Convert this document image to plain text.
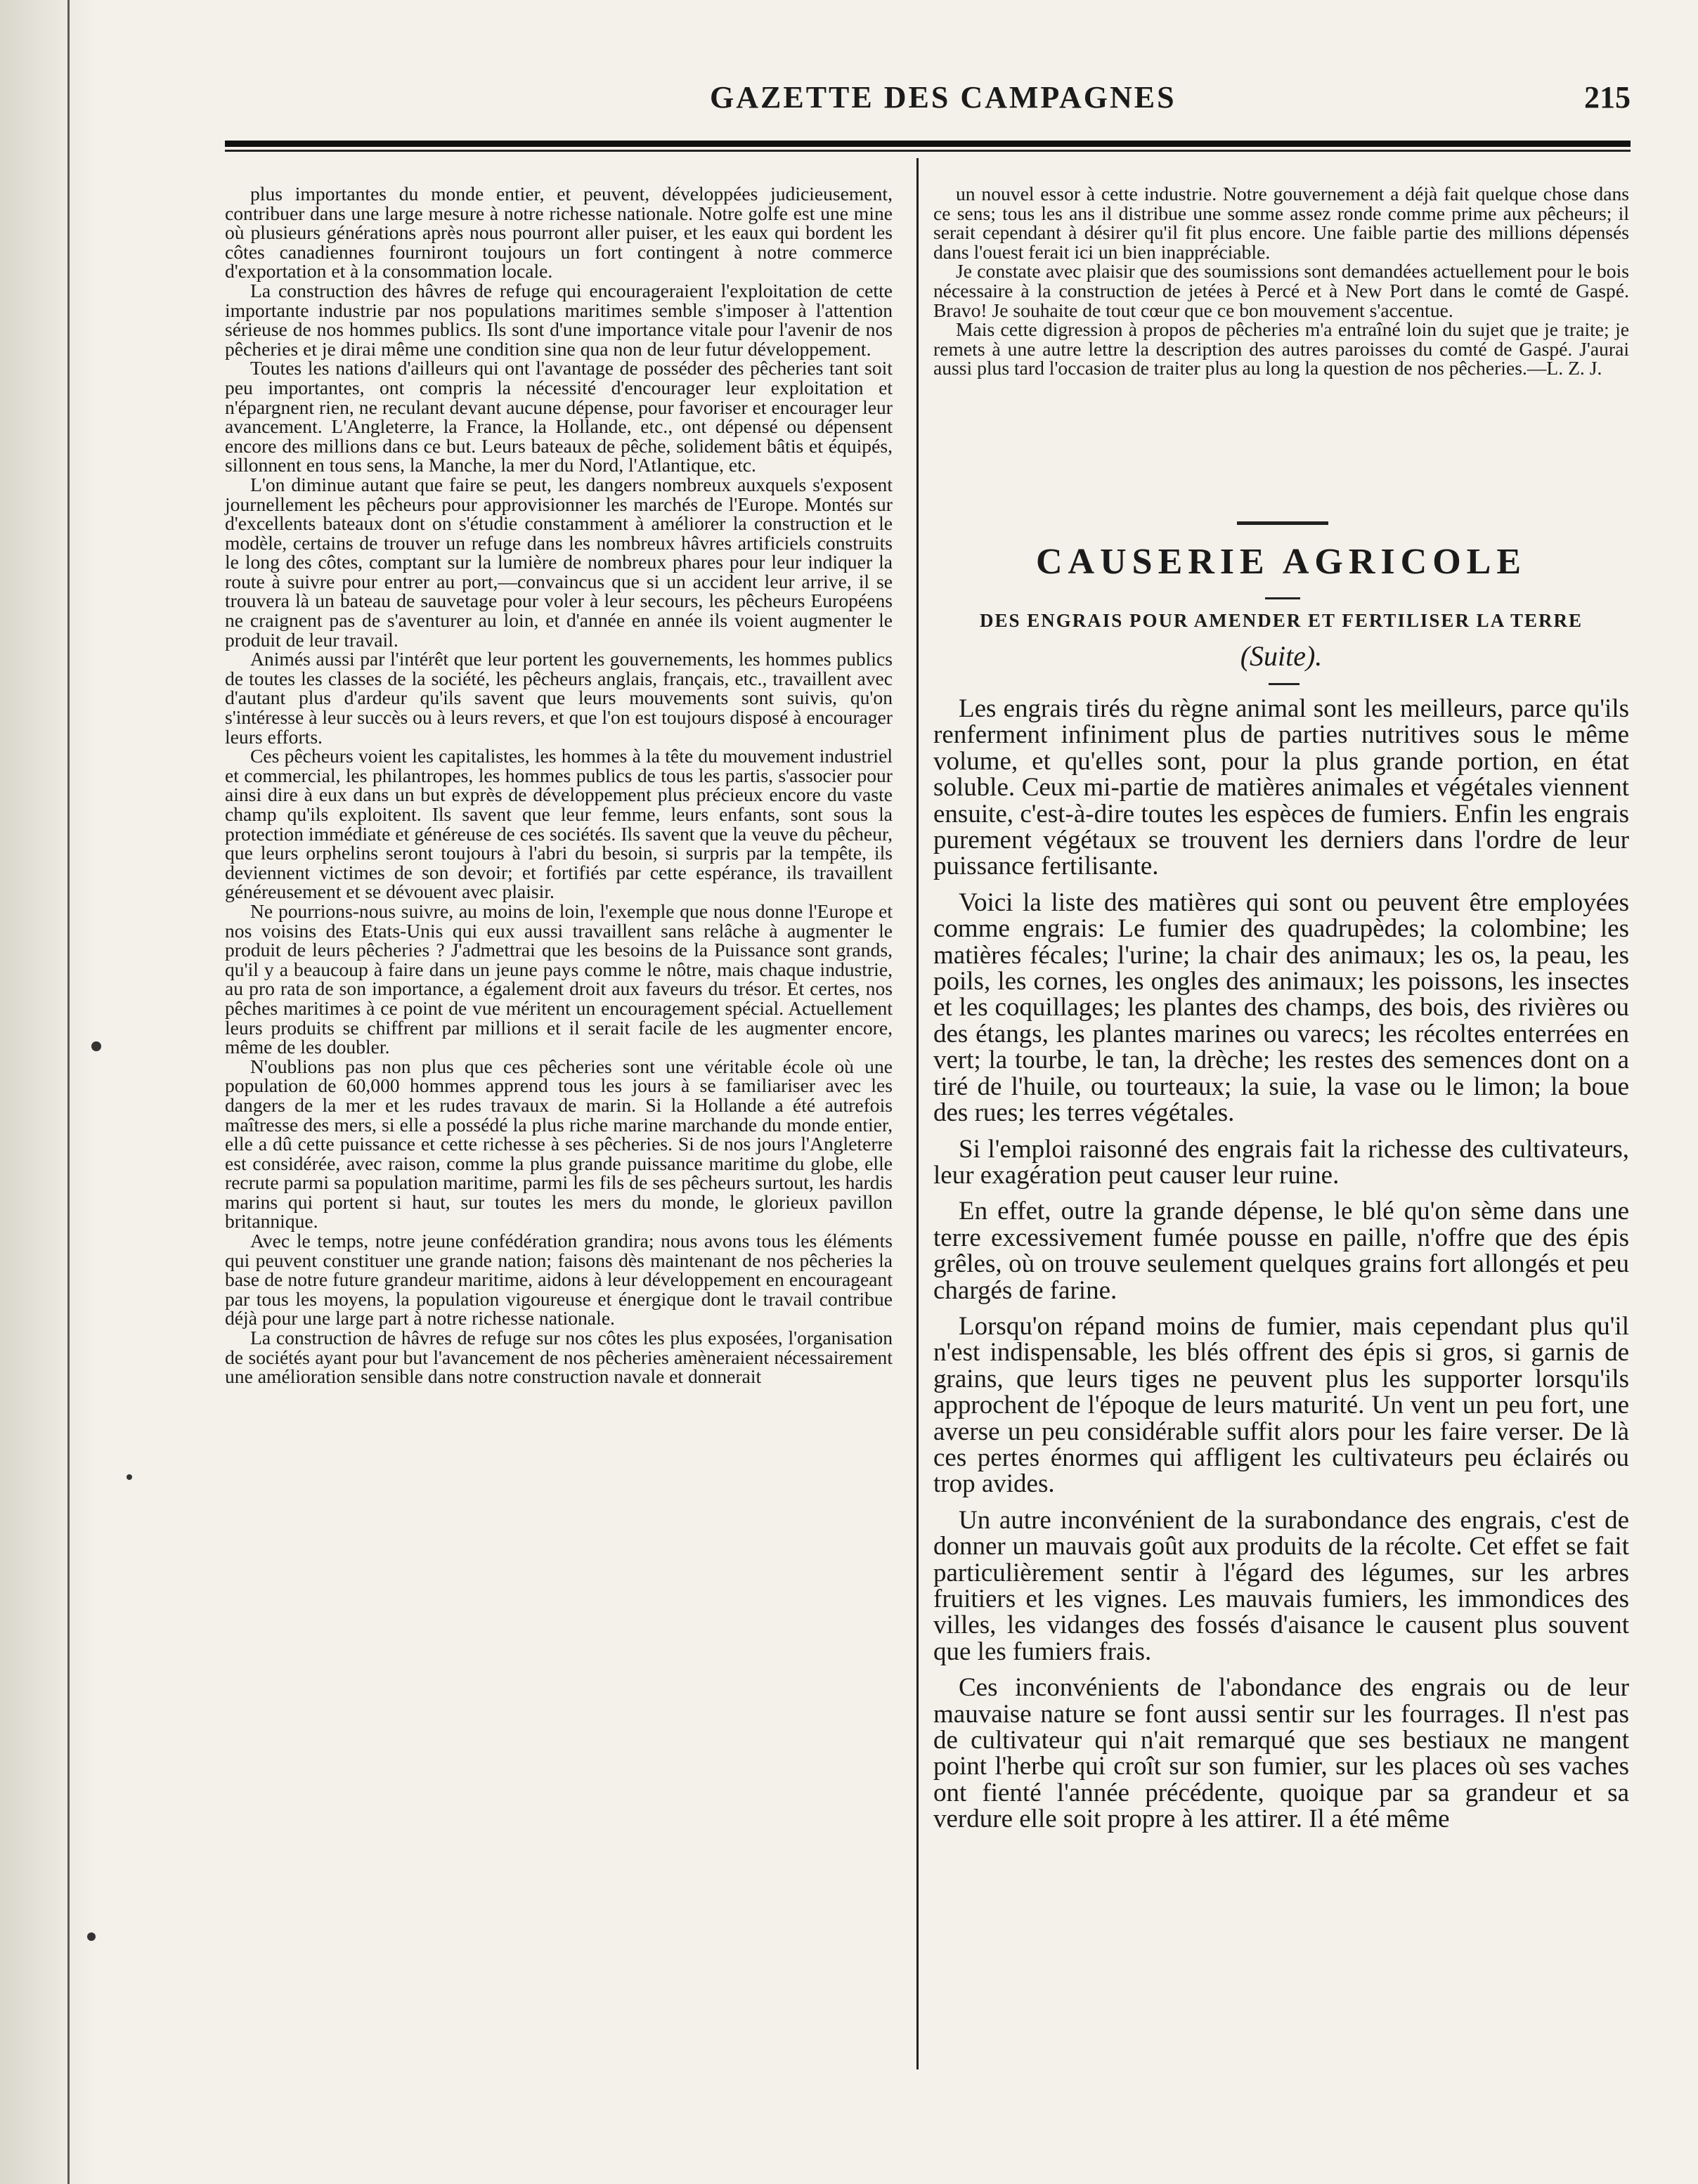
GAZETTE DES CAMPAGNES	215

plus importantes du monde entier, et peuvent, développées judicieusement, contribuer dans une large mesure à notre richesse nationale. Notre golfe est une mine où plusieurs générations après nous pourront aller puiser, et les eaux qui bordent les côtes canadiennes fourniront toujours un fort contingent à notre commerce d'exportation et à la consommation locale.

La construction des hâvres de refuge qui encourageraient l'exploitation de cette importante industrie par nos populations maritimes semble s'imposer à l'attention sérieuse de nos hommes publics. Ils sont d'une importance vitale pour l'avenir de nos pêcheries et je dirai même une condition sine qua non de leur futur développement.

Toutes les nations d'ailleurs qui ont l'avantage de posséder des pêcheries tant soit peu importantes, ont compris la nécessité d'encourager leur exploitation et n'épargnent rien, ne reculant devant aucune dépense, pour favoriser et encourager leur avancement. L'Angleterre, la France, la Hollande, etc., ont dépensé ou dépensent encore des millions dans ce but. Leurs bateaux de pêche, solidement bâtis et équipés, sillonnent en tous sens, la Manche, la mer du Nord, l'Atlantique, etc.

L'on diminue autant que faire se peut, les dangers nombreux auxquels s'exposent journellement les pêcheurs pour approvisionner les marchés de l'Europe. Montés sur d'excellents bateaux dont on s'étudie constamment à améliorer la construction et le modèle, certains de trouver un refuge dans les nombreux hâvres artificiels construits le long des côtes, comptant sur la lumière de nombreux phares pour leur indiquer la route à suivre pour entrer au port,—convaincus que si un accident leur arrive, il se trouvera là un bateau de sauvetage pour voler à leur secours, les pêcheurs Européens ne craignent pas de s'aventurer au loin, et d'année en année ils voient augmenter le produit de leur travail.

Animés aussi par l'intérêt que leur portent les gouvernements, les hommes publics de toutes les classes de la société, les pêcheurs anglais, français, etc., travaillent avec d'autant plus d'ardeur qu'ils savent que leurs mouvements sont suivis, qu'on s'intéresse à leur succès ou à leurs revers, et que l'on est toujours disposé à encourager leurs efforts.

Ces pêcheurs voient les capitalistes, les hommes à la tête du mouvement industriel et commercial, les philantropes, les hommes publics de tous les partis, s'associer pour ainsi dire à eux dans un but exprès de développement plus précieux encore du vaste champ qu'ils exploitent. Ils savent que leur femme, leurs enfants, sont sous la protection immédiate et généreuse de ces sociétés. Ils savent que la veuve du pêcheur, que leurs orphelins seront toujours à l'abri du besoin, si surpris par la tempête, ils deviennent victimes de son devoir; et fortifiés par cette espérance, ils travaillent généreusement et se dévouent avec plaisir.

Ne pourrions-nous suivre, au moins de loin, l'exemple que nous donne l'Europe et nos voisins des Etats-Unis qui eux aussi travaillent sans relâche à augmenter le produit de leurs pêcheries ? J'admettrai que les besoins de la Puissance sont grands, qu'il y a beaucoup à faire dans un jeune pays comme le nôtre, mais chaque industrie, au pro rata de son importance, a également droit aux faveurs du trésor. Et certes, nos pêches maritimes à ce point de vue méritent un encouragement spécial. Actuellement leurs produits se chiffrent par millions et il serait facile de les augmenter encore, même de les doubler.

N'oublions pas non plus que ces pêcheries sont une véritable école où une population de 60,000 hommes apprend tous les jours à se familiariser avec les dangers de la mer et les rudes travaux de marin. Si la Hollande a été autrefois maîtresse des mers, si elle a possédé la plus riche marine marchande du monde entier, elle a dû cette puissance et cette richesse à ses pêcheries. Si de nos jours l'Angleterre est considérée, avec raison, comme la plus grande puissance maritime du globe, elle recrute parmi sa population maritime, parmi les fils de ses pêcheurs surtout, les hardis marins qui portent si haut, sur toutes les mers du monde, le glorieux pavillon britannique.

Avec le temps, notre jeune confédération grandira; nous avons tous les éléments qui peuvent constituer une grande nation; faisons dès maintenant de nos pêcheries la base de notre future grandeur maritime, aidons à leur développement en encourageant par tous les moyens, la population vigoureuse et énergique dont le travail contribue déjà pour une large part à notre richesse nationale.

La construction de hâvres de refuge sur nos côtes les plus exposées, l'organisation de sociétés ayant pour but l'avancement de nos pêcheries amèneraient nécessairement une amélioration sensible dans notre construction navale et donnerait

un nouvel essor à cette industrie. Notre gouvernement a déjà fait quelque chose dans ce sens; tous les ans il distribue une somme assez ronde comme prime aux pêcheurs; il serait cependant à désirer qu'il fit plus encore. Une faible partie des millions dépensés dans l'ouest ferait ici un bien inappréciable.

Je constate avec plaisir que des soumissions sont demandées actuellement pour le bois nécessaire à la construction de jetées à Percé et à New Port dans le comté de Gaspé. Bravo! Je souhaite de tout cœur que ce bon mouvement s'accentue.

Mais cette digression à propos de pêcheries m'a entraîné loin du sujet que je traite; je remets à une autre lettre la description des autres paroisses du comté de Gaspé. J'aurai aussi plus tard l'occasion de traiter plus au long la question de nos pêcheries.—L. Z. J.

CAUSERIE AGRICOLE
DES ENGRAIS POUR AMENDER ET FERTILISER LA TERRE
(Suite).

Les engrais tirés du règne animal sont les meilleurs, parce qu'ils renferment infiniment plus de parties nutritives sous le même volume, et qu'elles sont, pour la plus grande portion, en état soluble. Ceux mi-partie de matières animales et végétales viennent ensuite, c'est-à-dire toutes les espèces de fumiers. Enfin les engrais purement végétaux se trouvent les derniers dans l'ordre de leur puissance fertilisante.

Voici la liste des matières qui sont ou peuvent être employées comme engrais: Le fumier des quadrupèdes; la colombine; les matières fécales; l'urine; la chair des animaux; les os, la peau, les poils, les cornes, les ongles des animaux; les poissons, les insectes et les coquillages; les plantes des champs, des bois, des rivières ou des étangs, les plantes marines ou varecs; les récoltes enterrées en vert; la tourbe, le tan, la drèche; les restes des semences dont on a tiré de l'huile, ou tourteaux; la suie, la vase ou le limon; la boue des rues; les terres végétales.

Si l'emploi raisonné des engrais fait la richesse des cultivateurs, leur exagération peut causer leur ruine.

En effet, outre la grande dépense, le blé qu'on sème dans une terre excessivement fumée pousse en paille, n'offre que des épis grêles, où on trouve seulement quelques grains fort allongés et peu chargés de farine.

Lorsqu'on répand moins de fumier, mais cependant plus qu'il n'est indispensable, les blés offrent des épis si gros, si garnis de grains, que leurs tiges ne peuvent plus les supporter lorsqu'ils approchent de l'époque de leurs maturité. Un vent un peu fort, une averse un peu considérable suffit alors pour les faire verser. De là ces pertes énormes qui affligent les cultivateurs peu éclairés ou trop avides.

Un autre inconvénient de la surabondance des engrais, c'est de donner un mauvais goût aux produits de la récolte. Cet effet se fait particulièrement sentir à l'égard des légumes, sur les arbres fruitiers et les vignes. Les mauvais fumiers, les immondices des villes, les vidanges des fossés d'aisance le causent plus souvent que les fumiers frais.

Ces inconvénients de l'abondance des engrais ou de leur mauvaise nature se font aussi sentir sur les fourrages. Il n'est pas de cultivateur qui n'ait remarqué que ses bestiaux ne mangent point l'herbe qui croît sur son fumier, sur les places où ses vaches ont fienté l'année précédente, quoique par sa grandeur et sa verdure elle soit propre à les attirer. Il a été même
